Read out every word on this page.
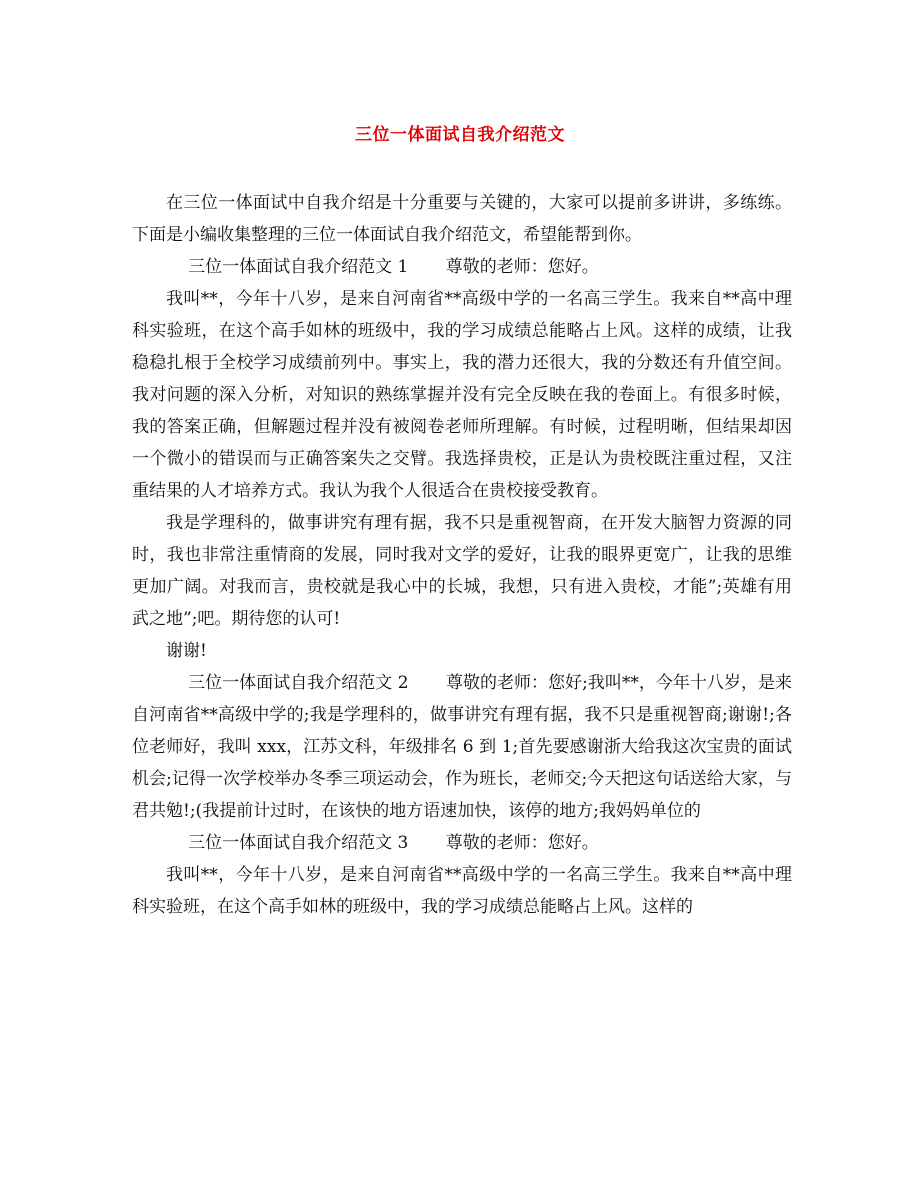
三位一体面试自我介绍范文

在三位一体面试中自我介绍是十分重要与关键的，大家可以提前多讲讲，多练练。下面是小编收集整理的三位一体面试自我介绍范文，希望能帮到你。

三位一体面试自我介绍范文 1 尊敬的老师：您好。

我叫**，今年十八岁，是来自河南省**高级中学的一名高三学生。我来自**高中理科实验班，在这个高手如林的班级中，我的学习成绩总能略占上风。这样的成绩，让我稳稳扎根于全校学习成绩前列中。事实上，我的潜力还很大，我的分数还有升值空间。我对问题的深入分析，对知识的熟练掌握并没有完全反映在我的卷面上。有很多时候，我的答案正确，但解题过程并没有被阅卷老师所理解。有时候，过程明晰，但结果却因一个微小的错误而与正确答案失之交臂。我选择贵校，正是认为贵校既注重过程，又注重结果的人才培养方式。我认为我个人很适合在贵校接受教育。

我是学理科的，做事讲究有理有据，我不只是重视智商，在开发大脑智力资源的同时，我也非常注重情商的发展，同时我对文学的爱好，让我的眼界更宽广，让我的思维更加广阔。对我而言，贵校就是我心中的长城，我想，只有进入贵校，才能”;英雄有用武之地”;吧。期待您的认可!

谢谢!

三位一体面试自我介绍范文 2 尊敬的老师：您好;我叫**，今年十八岁，是来自河南省**高级中学的;我是学理科的，做事讲究有理有据，我不只是重视智商;谢谢!;各位老师好，我叫 xxx，江苏文科，年级排名 6 到 1;首先要感谢浙大给我这次宝贵的面试机会;记得一次学校举办冬季三项运动会，作为班长，老师交;今天把这句话送给大家，与君共勉!;(我提前计过时，在该快的地方语速加快，该停的地方;我妈妈单位的

三位一体面试自我介绍范文 3 尊敬的老师：您好。

我叫**，今年十八岁，是来自河南省**高级中学的一名高三学生。我来自**高中理科实验班，在这个高手如林的班级中，我的学习成绩总能略占上风。这样的
